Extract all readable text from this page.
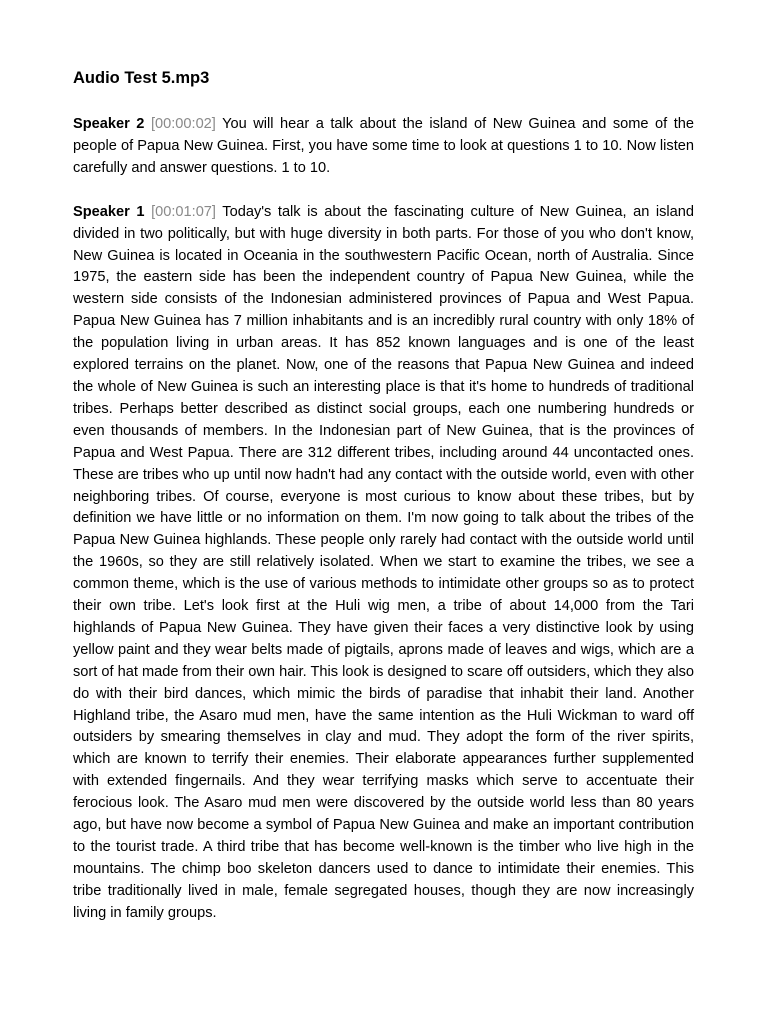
Audio Test 5.mp3

Speaker 2 [00:00:02] You will hear a talk about the island of New Guinea and some of the people of Papua New Guinea. First, you have some time to look at questions 1 to 10. Now listen carefully and answer questions. 1 to 10.

Speaker 1 [00:01:07] Today's talk is about the fascinating culture of New Guinea, an island divided in two politically, but with huge diversity in both parts. For those of you who don't know, New Guinea is located in Oceania in the southwestern Pacific Ocean, north of Australia. Since 1975, the eastern side has been the independent country of Papua New Guinea, while the western side consists of the Indonesian administered provinces of Papua and West Papua. Papua New Guinea has 7 million inhabitants and is an incredibly rural country with only 18% of the population living in urban areas. It has 852 known languages and is one of the least explored terrains on the planet. Now, one of the reasons that Papua New Guinea and indeed the whole of New Guinea is such an interesting place is that it's home to hundreds of traditional tribes. Perhaps better described as distinct social groups, each one numbering hundreds or even thousands of members. In the Indonesian part of New Guinea, that is the provinces of Papua and West Papua. There are 312 different tribes, including around 44 uncontacted ones. These are tribes who up until now hadn't had any contact with the outside world, even with other neighboring tribes. Of course, everyone is most curious to know about these tribes, but by definition we have little or no information on them. I'm now going to talk about the tribes of the Papua New Guinea highlands. These people only rarely had contact with the outside world until the 1960s, so they are still relatively isolated. When we start to examine the tribes, we see a common theme, which is the use of various methods to intimidate other groups so as to protect their own tribe. Let's look first at the Huli wig men, a tribe of about 14,000 from the Tari highlands of Papua New Guinea. They have given their faces a very distinctive look by using yellow paint and they wear belts made of pigtails, aprons made of leaves and wigs, which are a sort of hat made from their own hair. This look is designed to scare off outsiders, which they also do with their bird dances, which mimic the birds of paradise that inhabit their land. Another Highland tribe, the Asaro mud men, have the same intention as the Huli Wickman to ward off outsiders by smearing themselves in clay and mud. They adopt the form of the river spirits, which are known to terrify their enemies. Their elaborate appearances further supplemented with extended fingernails. And they wear terrifying masks which serve to accentuate their ferocious look. The Asaro mud men were discovered by the outside world less than 80 years ago, but have now become a symbol of Papua New Guinea and make an important contribution to the tourist trade. A third tribe that has become well-known is the timber who live high in the mountains. The chimp boo skeleton dancers used to dance to intimidate their enemies. This tribe traditionally lived in male, female segregated houses, though they are now increasingly living in family groups.
